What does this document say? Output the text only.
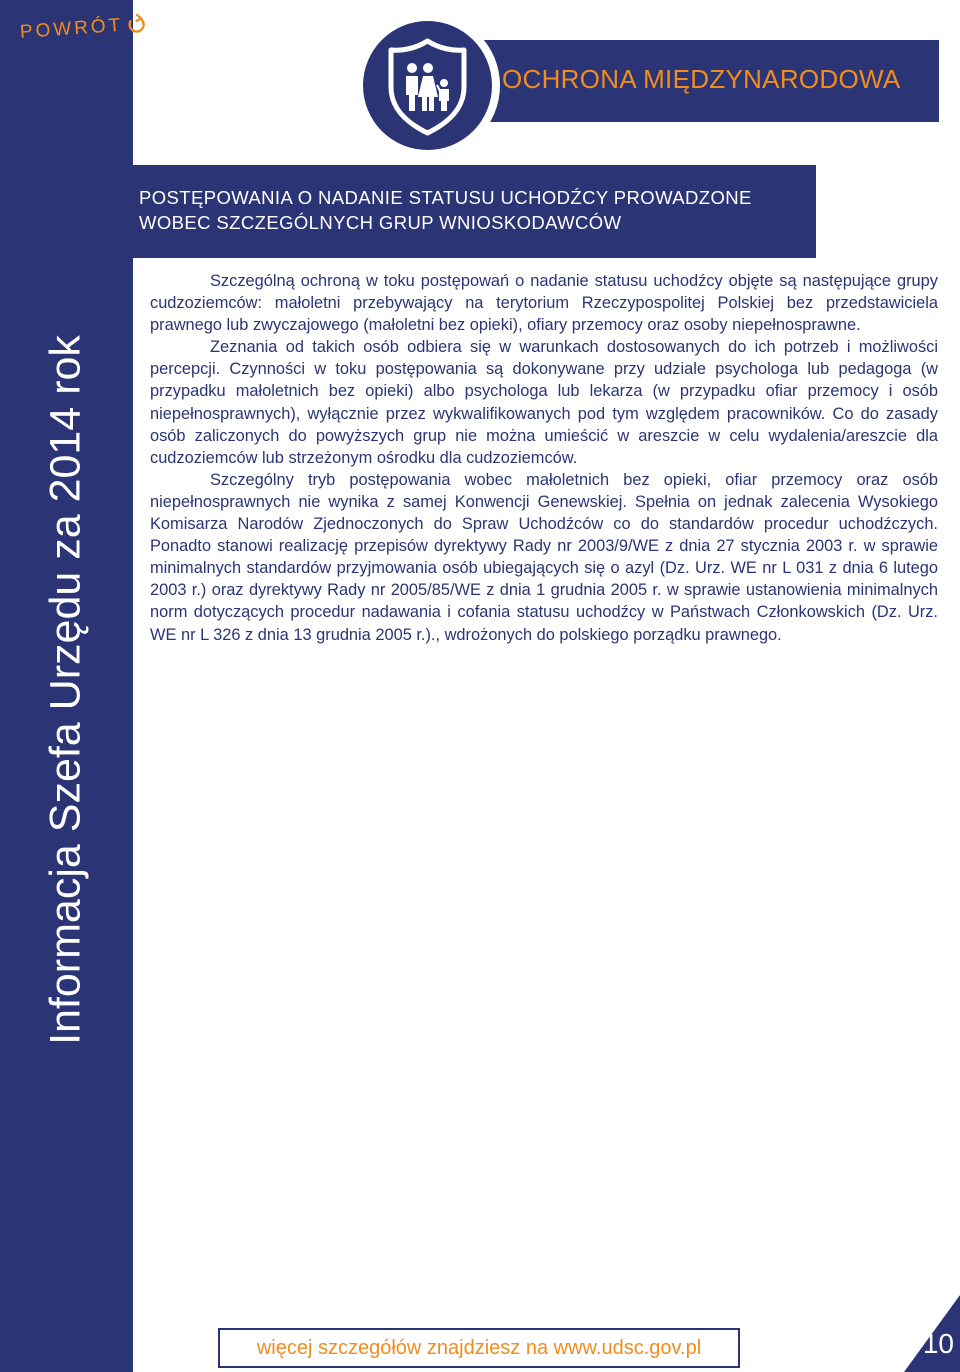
POWRÓT
Informacja Szefa Urzędu za 2014 rok
OCHRONA MIĘDZYNARODOWA
POSTĘPOWANIA O NADANIE STATUSU UCHODŹCY PROWADZONE
WOBEC SZCZEGÓLNYCH GRUP WNIOSKODAWCÓW

Szczególną ochroną w toku postępowań o nadanie statusu uchodźcy objęte są następujące grupy cudzoziemców: małoletni przebywający na terytorium Rzeczypospolitej Polskiej bez przedstawiciela prawnego lub zwyczajowego (małoletni bez opieki), ofiary przemocy oraz osoby niepełnosprawne.

Zeznania od takich osób odbiera się w warunkach dostosowanych do ich potrzeb i możliwości percepcji. Czynności w toku postępowania są dokonywane przy udziale psychologa lub pedagoga (w przypadku małoletnich bez opieki) albo psychologa lub lekarza (w przypadku ofiar przemocy i osób niepełnosprawnych), wyłącznie przez wykwalifikowanych pod tym względem pracowników. Co do zasady osób zaliczonych do powyższych grup nie można umieścić w areszcie w celu wydalenia/areszcie dla cudzoziemców lub strzeżonym ośrodku dla cudzoziemców.

Szczególny tryb postępowania wobec małoletnich bez opieki, ofiar przemocy oraz osób niepełnosprawnych nie wynika z samej Konwencji Genewskiej. Spełnia on jednak zalecenia Wysokiego Komisarza Narodów Zjednoczonych do Spraw Uchodźców co do standardów procedur uchodźczych. Ponadto stanowi realizację przepisów dyrektywy Rady nr 2003/9/WE z dnia 27 stycznia 2003 r. w sprawie minimalnych standardów przyjmowania osób ubiegających się o azyl (Dz. Urz. WE nr L 031 z dnia 6 lutego 2003 r.) oraz dyrektywy Rady nr 2005/85/WE z dnia 1 grudnia 2005 r. w sprawie ustanowienia minimalnych norm dotyczących procedur nadawania i cofania statusu uchodźcy w Państwach Członkowskich (Dz. Urz. WE nr L 326 z dnia 13 grudnia 2005 r.)., wdrożonych do polskiego porządku prawnego.

więcej szczegółów znajdziesz na www.udsc.gov.pl	10
